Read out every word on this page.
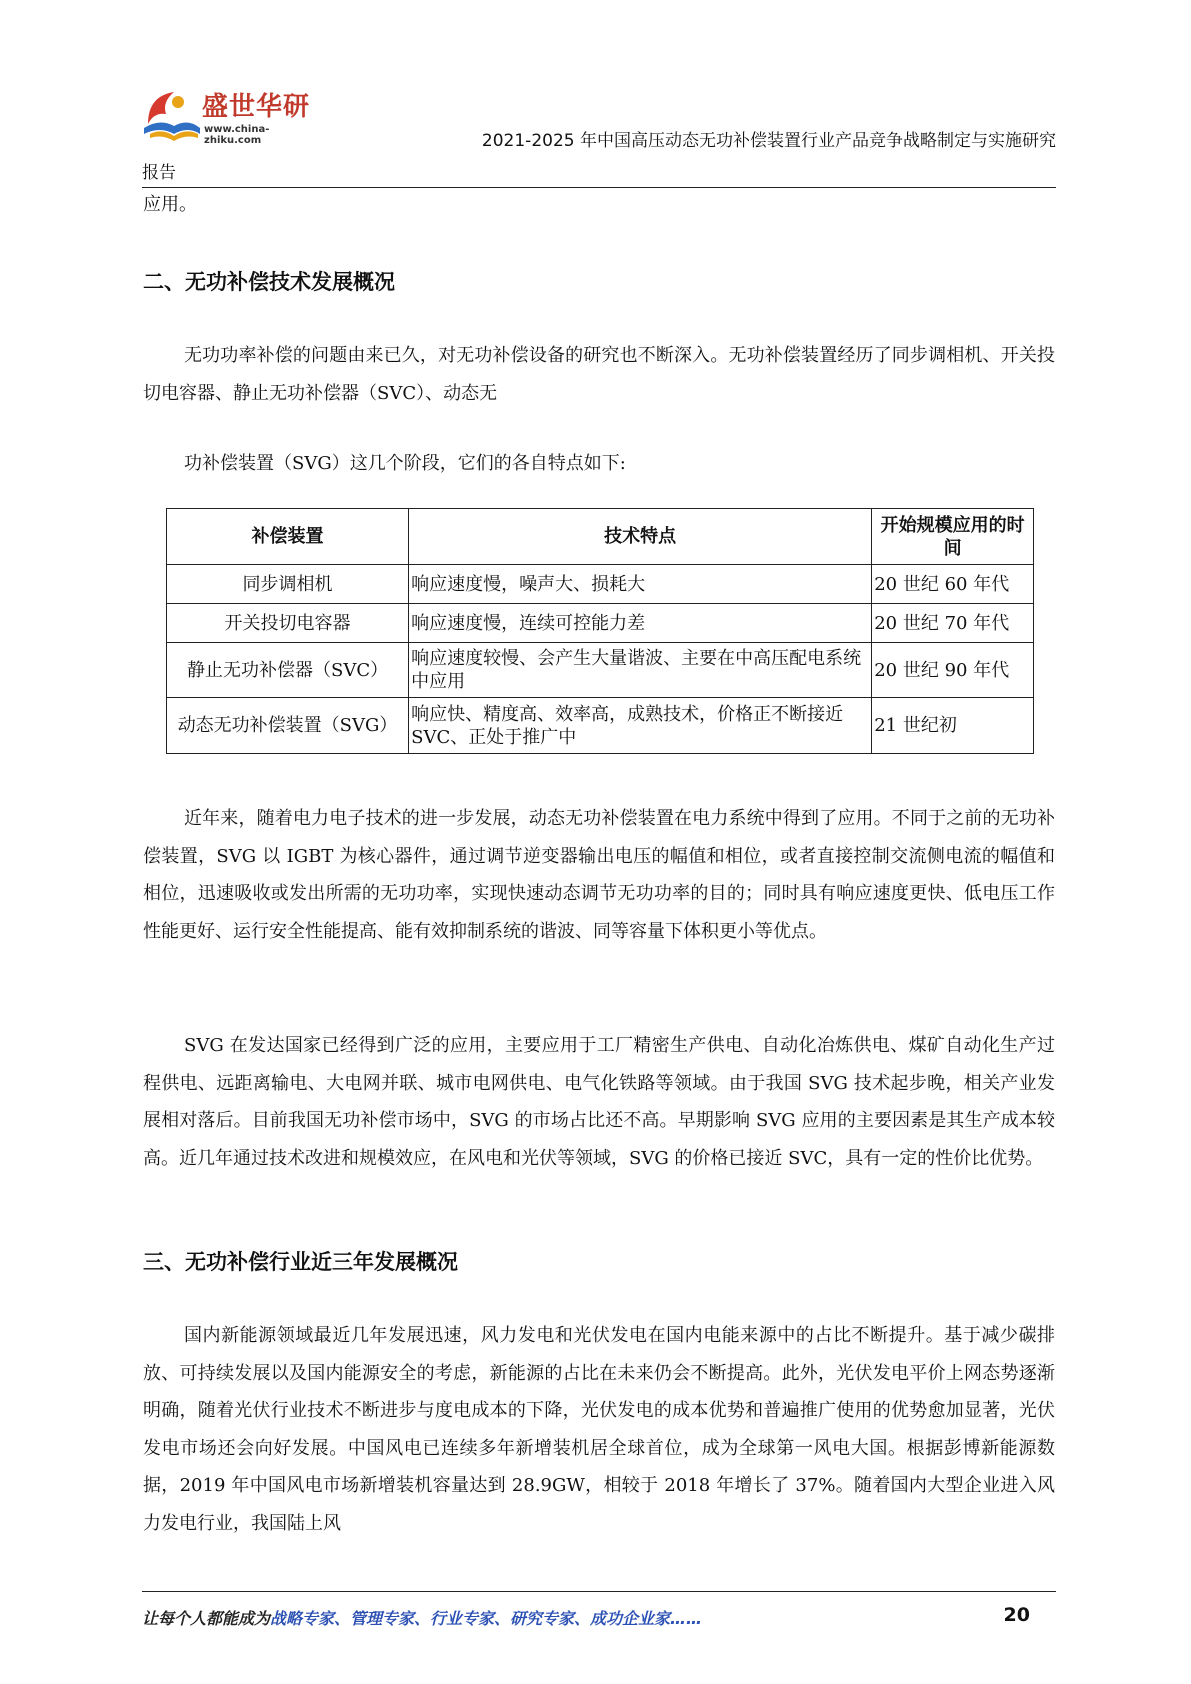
盛世华研
www.china-zhiku.com	2021-2025 年中国高压动态无功补偿装置行业产品竞争战略制定与实施研究
报告

应用。

二、无功补偿技术发展概况

无功功率补偿的问题由来已久，对无功补偿设备的研究也不断深入。无功补偿装置经历了同步调相机、开关投切电容器、静止无功补偿器（SVC）、动态无

功补偿装置（SVG）这几个阶段，它们的各自特点如下:

补偿装置	技术特点	开始规模应用的时间
同步调相机	响应速度慢，噪声大、损耗大	20 世纪 60 年代
开关投切电容器	响应速度慢，连续可控能力差	20 世纪 70 年代
静止无功补偿器（SVC）	响应速度较慢、会产生大量谐波、主要在中高压配电系统中应用	20 世纪 90 年代
动态无功补偿装置（SVG）	响应快、精度高、效率高，成熟技术，价格正不断接近 SVC、正处于推广中	21 世纪初

近年来，随着电力电子技术的进一步发展，动态无功补偿装置在电力系统中得到了应用。不同于之前的无功补偿装置，SVG 以 IGBT 为核心器件，通过调节逆变器输出电压的幅值和相位，或者直接控制交流侧电流的幅值和相位，迅速吸收或发出所需的无功功率，实现快速动态调节无功功率的目的；同时具有响应速度更快、低电压工作性能更好、运行安全性能提高、能有效抑制系统的谐波、同等容量下体积更小等优点。

SVG 在发达国家已经得到广泛的应用，主要应用于工厂精密生产供电、自动化冶炼供电、煤矿自动化生产过程供电、远距离输电、大电网并联、城市电网供电、电气化铁路等领域。由于我国 SVG 技术起步晚，相关产业发展相对落后。目前我国无功补偿市场中，SVG 的市场占比还不高。早期影响 SVG 应用的主要因素是其生产成本较高。近几年通过技术改进和规模效应，在风电和光伏等领域，SVG 的价格已接近 SVC，具有一定的性价比优势。

三、无功补偿行业近三年发展概况

国内新能源领域最近几年发展迅速，风力发电和光伏发电在国内电能来源中的占比不断提升。基于减少碳排放、可持续发展以及国内能源安全的考虑，新能源的占比在未来仍会不断提高。此外，光伏发电平价上网态势逐渐明确，随着光伏行业技术不断进步与度电成本的下降，光伏发电的成本优势和普遍推广使用的优势愈加显著，光伏发电市场还会向好发展。中国风电已连续多年新增装机居全球首位，成为全球第一风电大国。根据彭博新能源数据，2019 年中国风电市场新增装机容量达到 28.9GW，相较于 2018 年增长了 37%。随着国内大型企业进入风力发电行业，我国陆上风

让每个人都能成为战略专家、管理专家、行业专家、研究专家、成功企业家……	20
